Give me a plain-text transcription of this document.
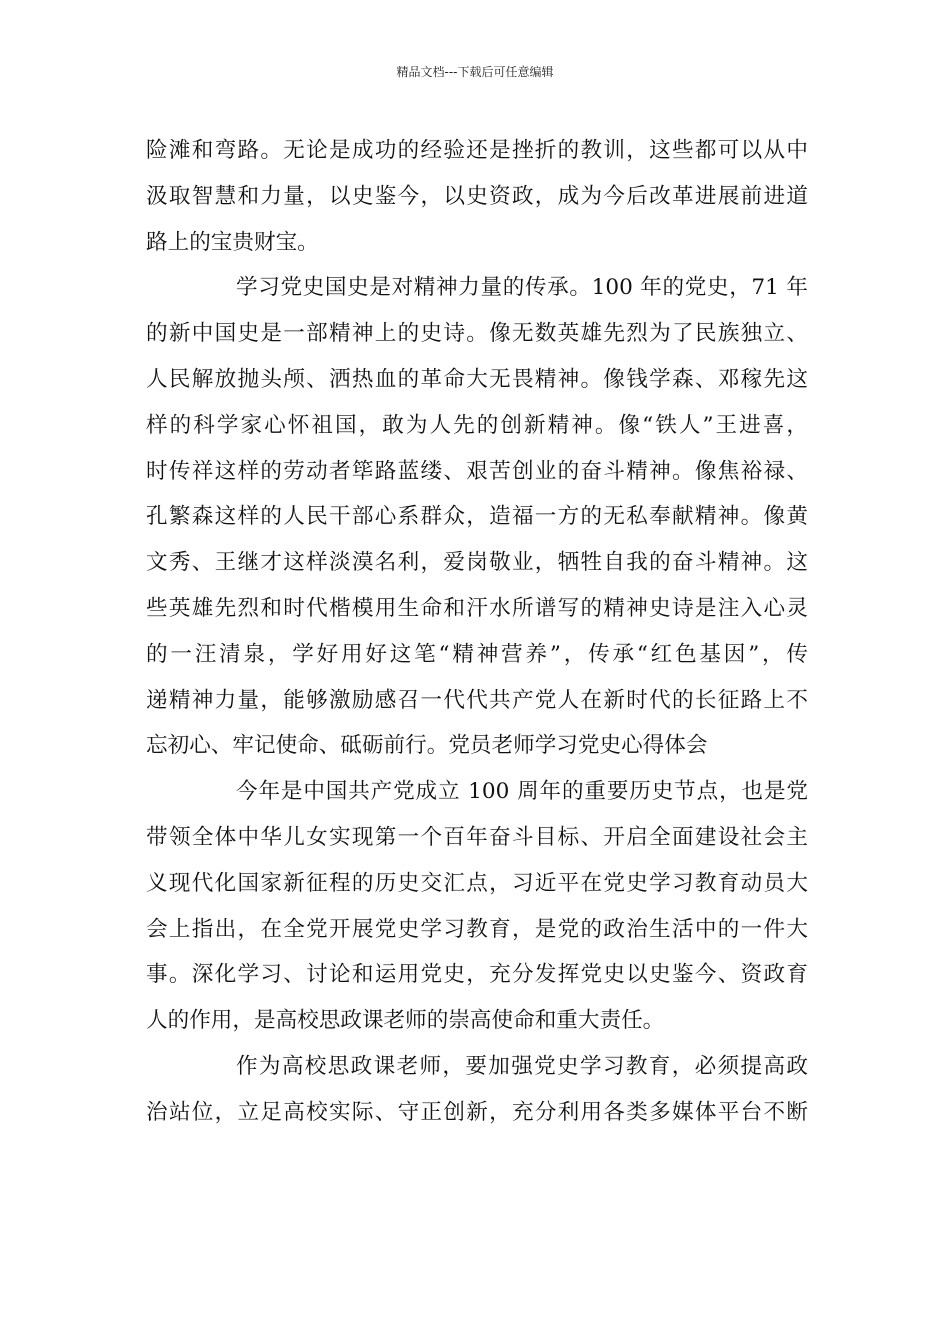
精品文档---下载后可任意编辑
险滩和弯路。无论是成功的经验还是挫折的教训，这些都可以从中
汲取智慧和力量，以史鉴今，以史资政，成为今后改革进展前进道
路上的宝贵财宝。
学习党史国史是对精神力量的传承。100 年的党史，71 年
的新中国史是一部精神上的史诗。像无数英雄先烈为了民族独立、
人民解放抛头颅、洒热血的革命大无畏精神。像钱学森、邓稼先这
样的科学家心怀祖国，敢为人先的创新精神。像“铁人”王进喜，
时传祥这样的劳动者筚路蓝缕、艰苦创业的奋斗精神。像焦裕禄、
孔繁森这样的人民干部心系群众，造福一方的无私奉献精神。像黄
文秀、王继才这样淡漠名利，爱岗敬业，牺牲自我的奋斗精神。这
些英雄先烈和时代楷模用生命和汗水所谱写的精神史诗是注入心灵
的一汪清泉，学好用好这笔“精神营养”，传承“红色基因”，传
递精神力量，能够激励感召一代代共产党人在新时代的长征路上不
忘初心、牢记使命、砥砺前行。党员老师学习党史心得体会
今年是中国共产党成立 100 周年的重要历史节点，也是党
带领全体中华儿女实现第一个百年奋斗目标、开启全面建设社会主
义现代化国家新征程的历史交汇点，习近平在党史学习教育动员大
会上指出，在全党开展党史学习教育，是党的政治生活中的一件大
事。深化学习、讨论和运用党史，充分发挥党史以史鉴今、资政育
人的作用，是高校思政课老师的崇高使命和重大责任。
作为高校思政课老师，要加强党史学习教育，必须提高政
治站位，立足高校实际、守正创新，充分利用各类多媒体平台不断
